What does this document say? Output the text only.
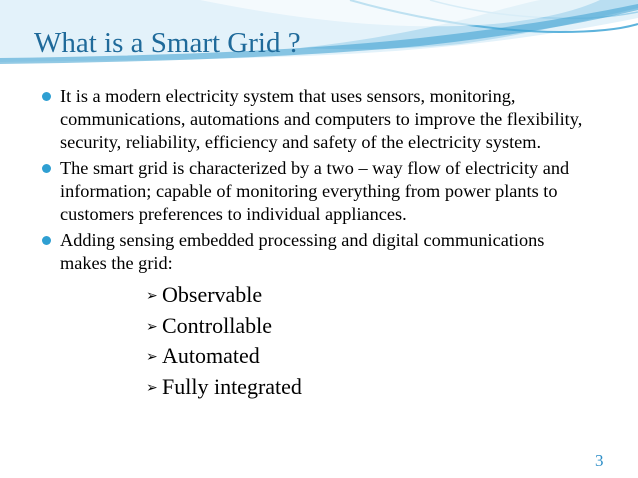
What is a Smart Grid ?
It is a modern electricity system that uses sensors, monitoring, communications, automations and computers to improve the flexibility, security, reliability, efficiency and safety of the electricity system.
The smart grid is characterized by a two – way flow of electricity and information; capable of monitoring everything from power plants to customers preferences to individual appliances.
Adding sensing embedded processing and digital communications makes the grid:
➢ Observable
➢ Controllable
➢ Automated
➢ Fully integrated
3
